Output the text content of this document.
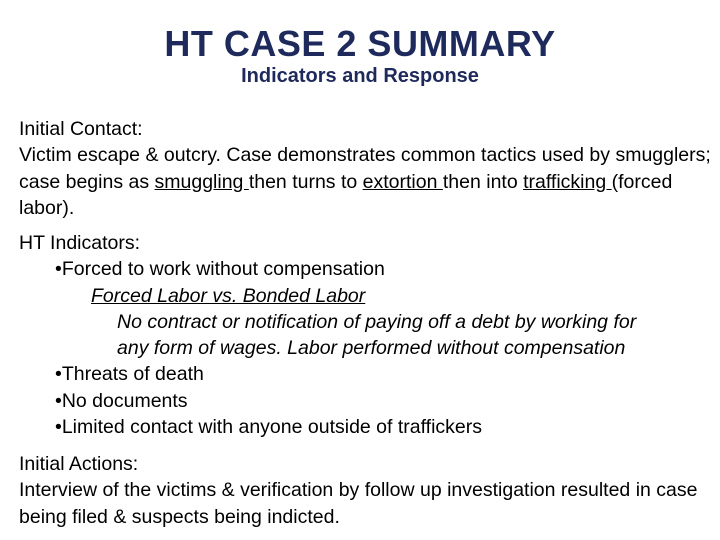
HT CASE 2 SUMMARY
Indicators and Response
Initial Contact:
Victim escape & outcry. Case demonstrates common tactics used by smugglers; case begins as smuggling then turns to extortion then into trafficking (forced labor).
HT Indicators:
•Forced to work without compensation
Forced Labor vs. Bonded Labor
No contract or notification of paying off a debt by working for
any form of wages. Labor performed without compensation
•Threats of death
•No documents
•Limited contact with anyone outside of traffickers
Initial Actions:
Interview of the victims & verification by follow up investigation resulted in case being filed & suspects being indicted.
